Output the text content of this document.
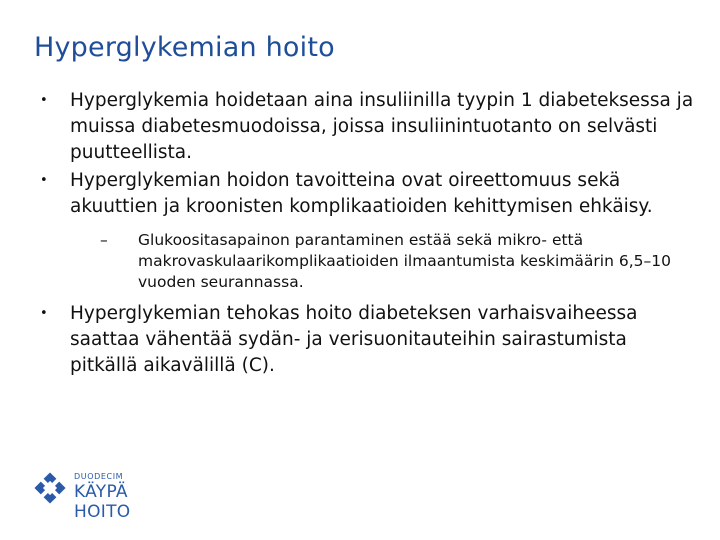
Hyperglykemian hoito
• Hyperglykemia hoidetaan aina insuliinilla tyypin 1 diabeteksessa ja muissa diabetesmuodoissa, joissa insuliinintuotanto on selvästi puutteellista.
• Hyperglykemian hoidon tavoitteina ovat oireettomuus sekä akuuttien ja kroonisten komplikaatioiden kehittymisen ehkäisy.
–	Glukoositasapainon parantaminen estää sekä mikro- että makrovaskulaarikomplikaatioiden ilmaantumista keskimäärin 6,5–10 vuoden seurannassa.
• Hyperglykemian tehokas hoito diabeteksen varhaisvaiheessa saattaa vähentää sydän- ja verisuonitauteihin sairastumista pitkällä aikavälillä (C).
DUODECIM
KÄYPÄ HOITO
